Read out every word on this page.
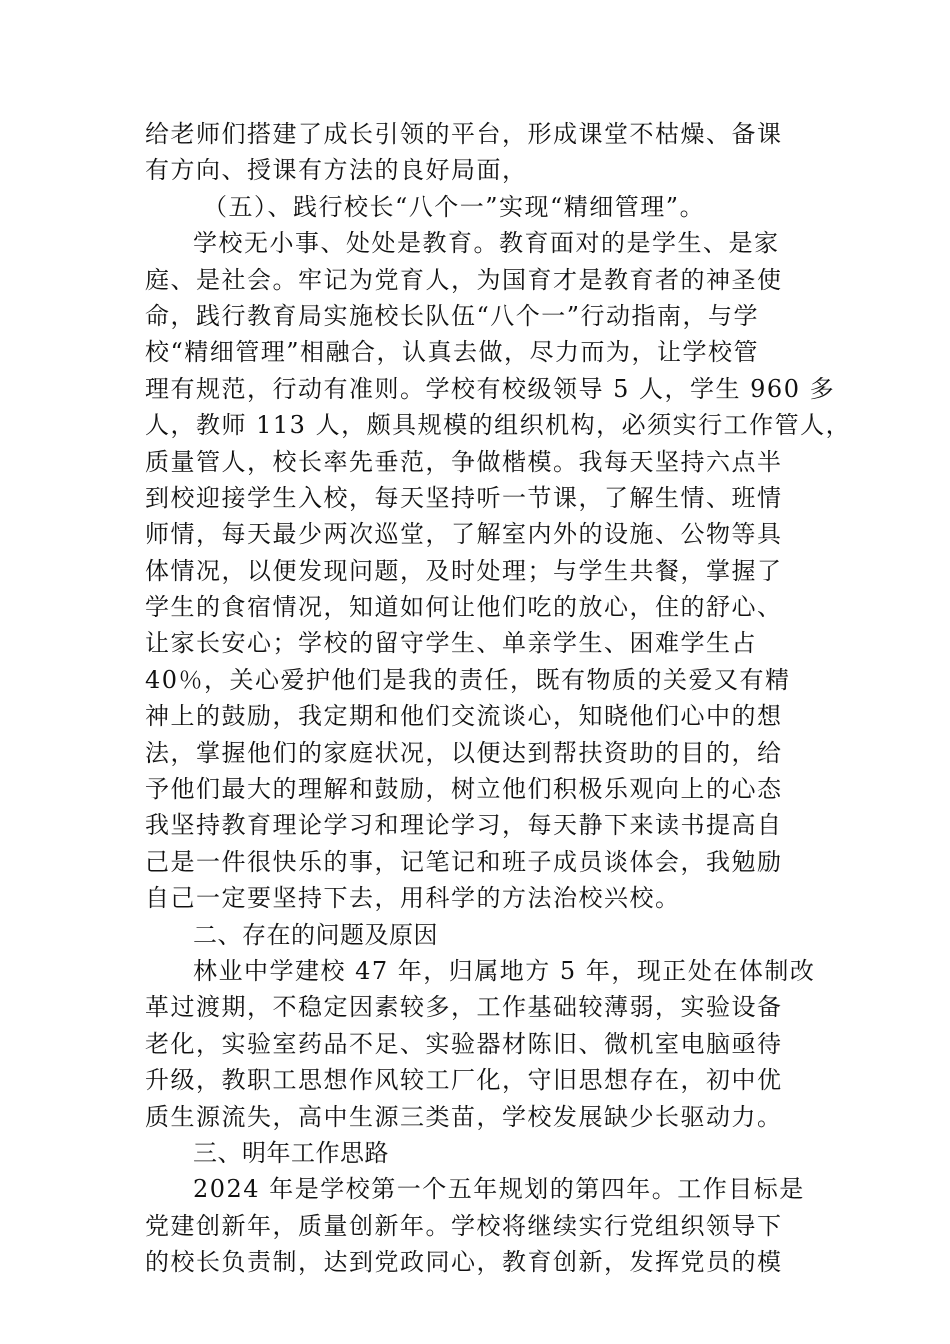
给老师们搭建了成长引领的平台，形成课堂不枯燥、备课
有方向、授课有方法的良好局面，
（五）、践行校长“八个一”实现“精细管理”。
学校无小事、处处是教育。教育面对的是学生、是家
庭、是社会。牢记为党育人，为国育才是教育者的神圣使
命，践行教育局实施校长队伍“八个一”行动指南，与学
校“精细管理”相融合，认真去做，尽力而为，让学校管
理有规范，行动有准则。学校有校级领导 5 人，学生 960 多
人，教师 113 人，颇具规模的组织机构，必须实行工作管人，
质量管人，校长率先垂范，争做楷模。我每天坚持六点半
到校迎接学生入校，每天坚持听一节课，了解生情、班情
师情，每天最少两次巡堂，了解室内外的设施、公物等具
体情况，以便发现问题，及时处理；与学生共餐，掌握了
学生的食宿情况，知道如何让他们吃的放心，住的舒心、
让家长安心；学校的留守学生、单亲学生、困难学生占
40％，关心爱护他们是我的责任，既有物质的关爱又有精
神上的鼓励，我定期和他们交流谈心，知晓他们心中的想
法，掌握他们的家庭状况，以便达到帮扶资助的目的，给
予他们最大的理解和鼓励，树立他们积极乐观向上的心态
我坚持教育理论学习和理论学习，每天静下来读书提高自
己是一件很快乐的事，记笔记和班子成员谈体会，我勉励
自己一定要坚持下去，用科学的方法治校兴校。
二、存在的问题及原因
林业中学建校 47 年，归属地方 5 年，现正处在体制改
革过渡期，不稳定因素较多，工作基础较薄弱，实验设备
老化，实验室药品不足、实验器材陈旧、微机室电脑亟待
升级，教职工思想作风较工厂化，守旧思想存在，初中优
质生源流失，高中生源三类苗，学校发展缺少长驱动力。
三、明年工作思路
2024 年是学校第一个五年规划的第四年。工作目标是
党建创新年，质量创新年。学校将继续实行党组织领导下
的校长负责制，达到党政同心，教育创新，发挥党员的模
